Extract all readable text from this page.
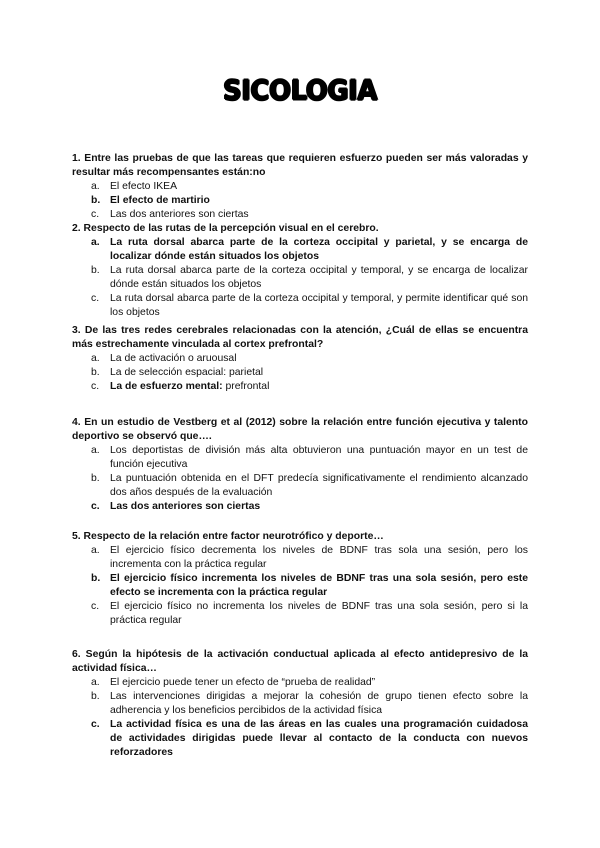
SICOLOGIA

1. Entre las pruebas de que las tareas que requieren esfuerzo pueden ser más valoradas y resultar más recompensantes están:no

a. El efecto IKEA
b. El efecto de martirio
c. Las dos anteriores son ciertas

2. Respecto de las rutas de la percepción visual en el cerebro.

a. La ruta dorsal abarca parte de la corteza occipital y parietal, y se encarga de localizar dónde están situados los objetos
b. La ruta dorsal abarca parte de la corteza occipital y temporal, y se encarga de localizar dónde están situados los objetos
c. La ruta dorsal abarca parte de la corteza occipital y temporal, y permite identificar qué son los objetos

3. De las tres redes cerebrales relacionadas con la atención, ¿Cuál de ellas se encuentra más estrechamente vinculada al cortex prefrontal?

a. La de activación o aruousal
b. La de selección espacial: parietal
c. La de esfuerzo mental: prefrontal

4. En un estudio de Vestberg et al (2012) sobre la relación entre función ejecutiva y talento deportivo se observó que….

a. Los deportistas de división más alta obtuvieron una puntuación mayor en un test de función ejecutiva
b. La puntuación obtenida en el DFT predecía significativamente el rendimiento alcanzado dos años después de la evaluación
c. Las dos anteriores son ciertas

5. Respecto de la relación entre factor neurotrófico y deporte…

a. El ejercicio físico decrementa los niveles de BDNF tras sola una sesión, pero los incrementa con la práctica regular
b. El ejercicio físico incrementa los niveles de BDNF tras una sola sesión, pero este efecto se incrementa con la práctica regular
c. El ejercicio físico no incrementa los niveles de BDNF tras una sola sesión, pero si la práctica regular

6. Según la hipótesis de la activación conductual aplicada al efecto antidepresivo de la actividad física…

a. El ejercicio puede tener un efecto de “prueba de realidad”
b. Las intervenciones dirigidas a mejorar la cohesión de grupo tienen efecto sobre la adherencia y los beneficios percibidos de la actividad física
c. La actividad física es una de las áreas en las cuales una programación cuidadosa de actividades dirigidas puede llevar al contacto de la conducta con nuevos reforzadores
